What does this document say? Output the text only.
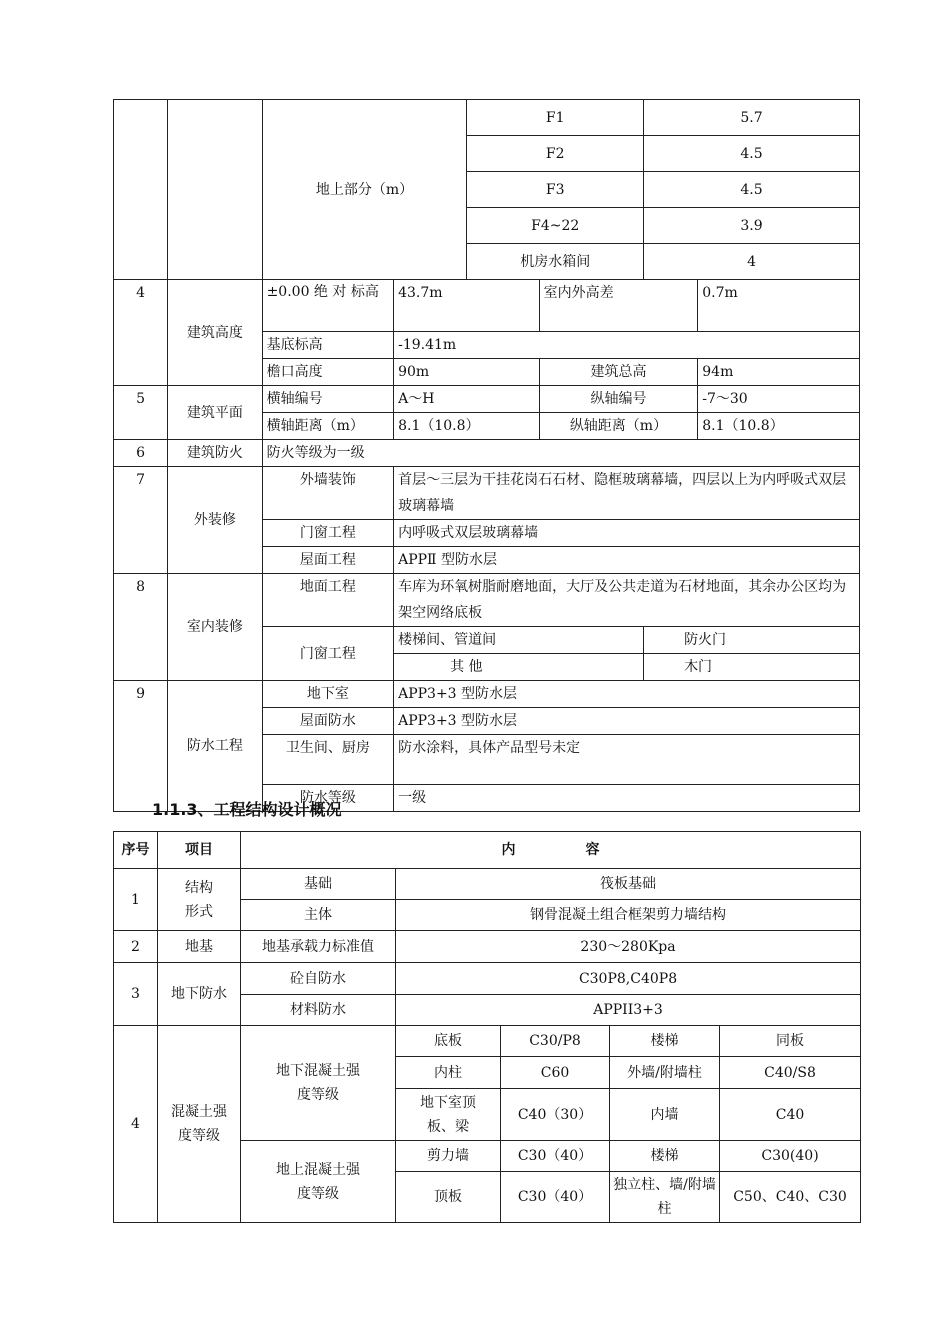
		地上部分（m）		F1		5.7	
				F2		4.5	
				F3		4.5	
				F4~22		3.9	
				机房水箱间		4	
4	建筑高度	±0.00 绝 对 标高	43.7m		室内外高差		0.7m
		基底标高	-19.41m				
		檐口高度	90m		建筑总高		94m
5	建筑平面	横轴编号	A～H		纵轴编号		-7～30
		横轴距离（m）	8.1（10.8）		纵轴距离（m）		8.1（10.8）
6	建筑防火	防火等级为一级					
7	外装修	外墙装饰	首层～三层为干挂花岗石石材、隐框玻璃幕墙，四层以上为内呼吸式双层玻璃幕墙				
		门窗工程	内呼吸式双层玻璃幕墙				
		屋面工程	APPⅡ 型防水层				
8	室内装修	地面工程	车库为环氧树脂耐磨地面，大厅及公共走道为石材地面，其余办公区均为架空网络底板				
		门窗工程	楼梯间、管道间			防火门	
			其 他			木门	
9	防水工程	地下室	APP3+3 型防水层				
		屋面防水	APP3+3 型防水层				
		卫生间、厨房	防水涂料，具体产品型号未定				
		防水等级	一级				
1.1.3、工程结构设计概况
序号	项目	内　　　　　容				
1	结构形式	基础	筏板基础			
		主体	钢骨混凝土组合框架剪力墙结构			
2	地基	地基承载力标准值	230～280Kpa			
3	地下防水	砼自防水	C30P8,C40P8			
		材料防水	APPII3+3			
4	混凝土强度等级	地下混凝土强度等级	底板	C30/P8	楼梯	同板
			内柱	C60	外墙/附墙柱	C40/S8
			地下室顶板、梁	C40（30）	内墙	C40
		地上混凝土强度等级	剪力墙	C30（40）	楼梯	C30(40)
			顶板	C30（40）	独立柱、墙/附墙柱	C50、C40、C30
